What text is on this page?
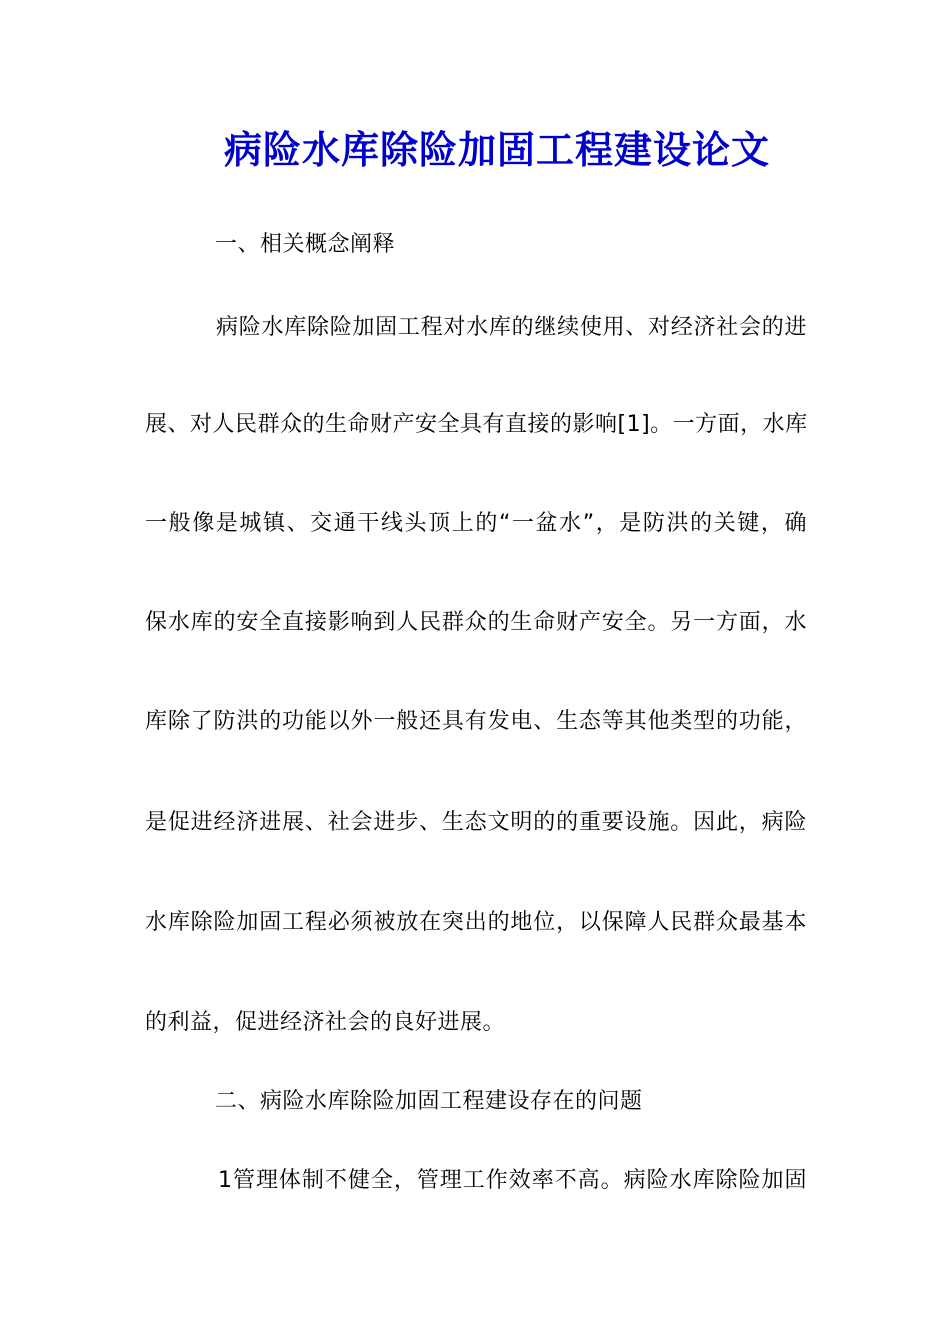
病险水库除险加固工程建设论文
一、相关概念阐释
病险水库除险加固工程对水库的继续使用、对经济社会的进
展、对人民群众的生命财产安全具有直接的影响[1]。一方面，水库
一般像是城镇、交通干线头顶上的“一盆水”，是防洪的关键，确
保水库的安全直接影响到人民群众的生命财产安全。另一方面，水
库除了防洪的功能以外一般还具有发电、生态等其他类型的功能，
是促进经济进展、社会进步、生态文明的的重要设施。因此，病险
水库除险加固工程必须被放在突出的地位，以保障人民群众最基本
的利益，促进经济社会的良好进展。
二、病险水库除险加固工程建设存在的问题
1管理体制不健全，管理工作效率不高。病险水库除险加固
